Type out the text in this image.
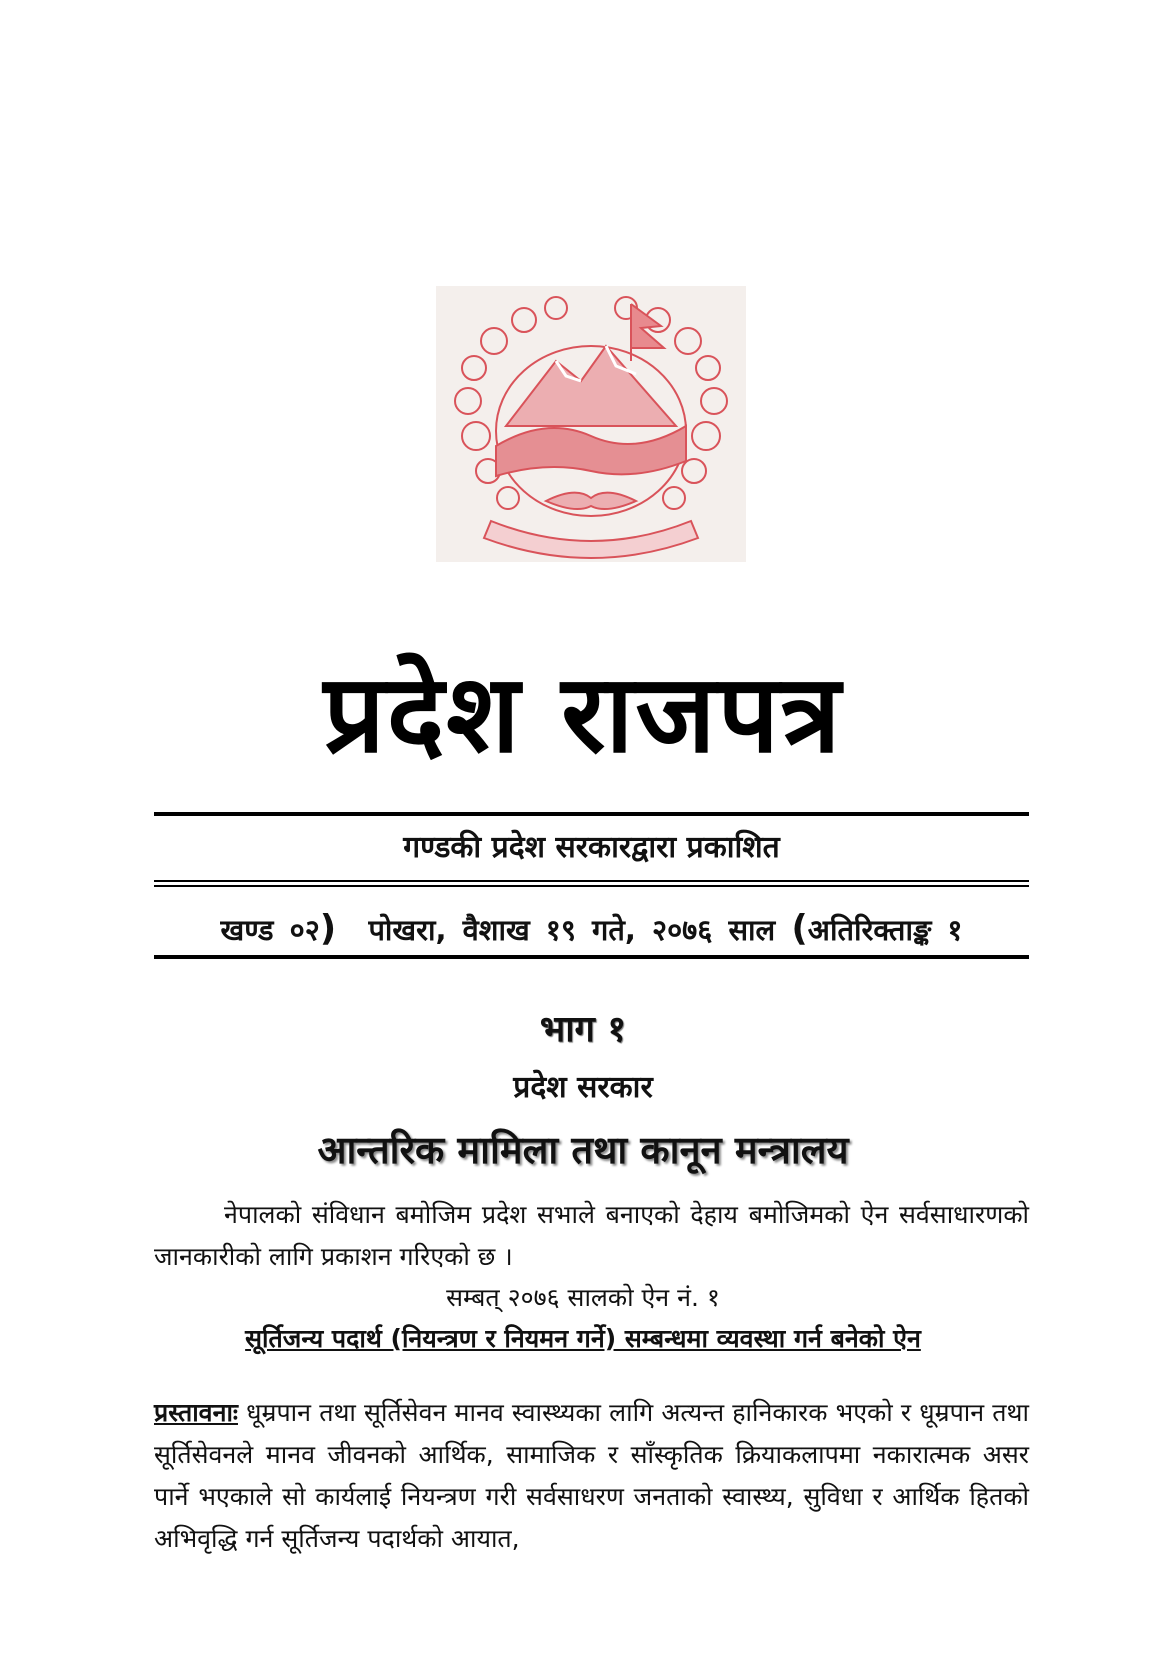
प्रदेश राजपत्र
गण्डकी प्रदेश सरकारद्वारा प्रकाशित
खण्ड ०२) पोखरा, वैशाख १९ गते, २०७६ साल (अतिरिक्ताङ्क १
भाग १
प्रदेश सरकार
आन्तरिक मामिला तथा कानून मन्त्रालय
नेपालको संविधान बमोजिम प्रदेश सभाले बनाएको देहाय बमोजिमको ऐन सर्वसाधारणको जानकारीको लागि प्रकाशन गरिएको छ ।
सम्बत् २०७६ सालको ऐन नं. १
सूर्तिजन्य पदार्थ (नियन्त्रण र नियमन गर्ने) सम्बन्धमा व्यवस्था गर्न बनेको ऐन
प्रस्तावनाः धूम्रपान तथा सूर्तिसेवन मानव स्वास्थ्यका लागि अत्यन्त हानिकारक भएको र धूम्रपान तथा सूर्तिसेवनले मानव जीवनको आर्थिक, सामाजिक र साँस्कृतिक क्रियाकलापमा नकारात्मक असर पार्ने भएकाले सो कार्यलाई नियन्त्रण गरी सर्वसाधरण जनताको स्वास्थ्य, सुविधा र आर्थिक हितको अभिवृद्धि गर्न सूर्तिजन्य पदार्थको आयात,
